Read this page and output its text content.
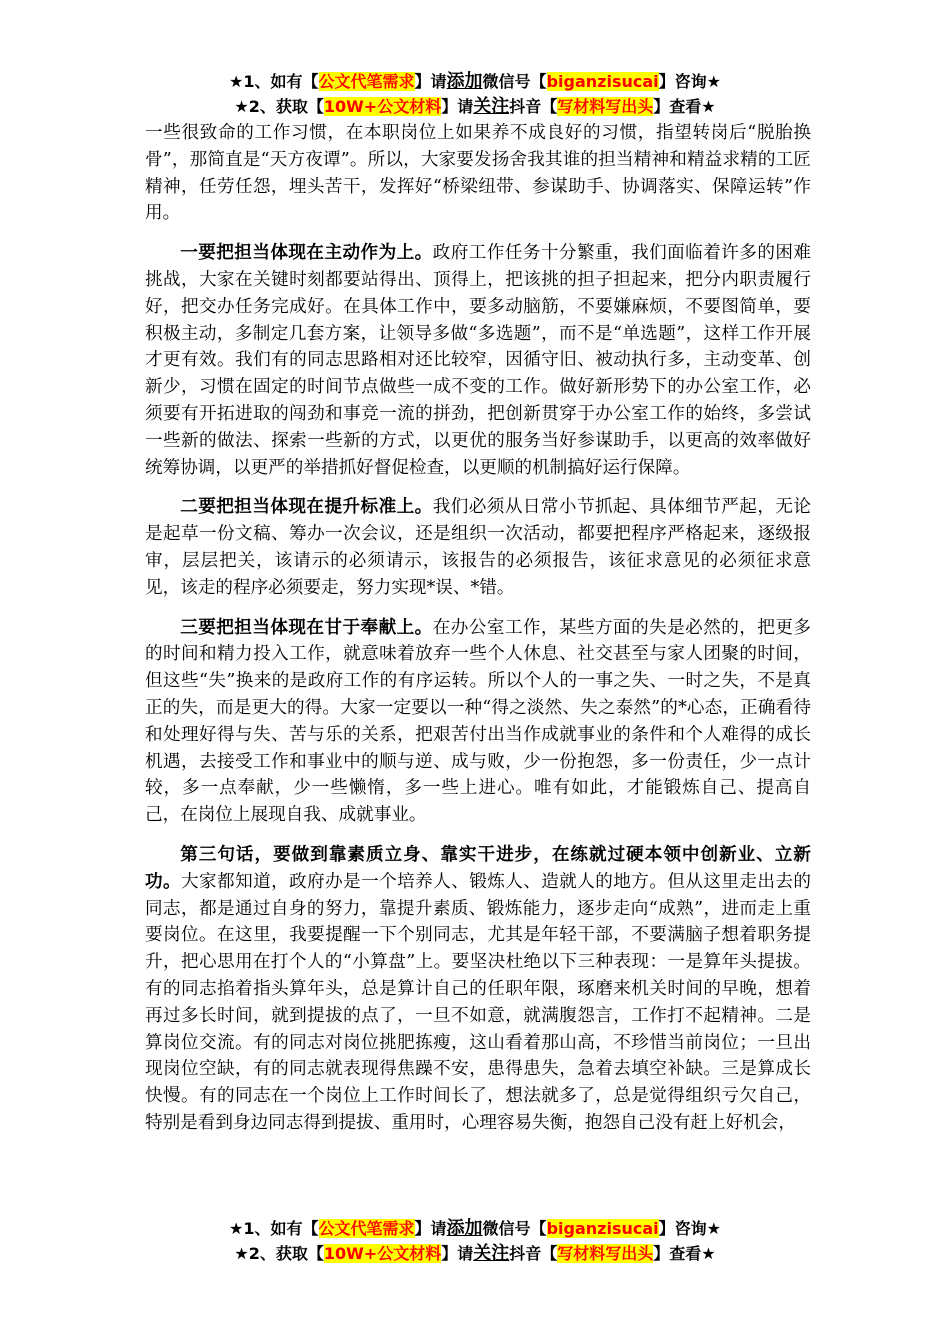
★1、如有【公文代笔需求】请添加微信号【biganzisucai】咨询★
★2、获取【10W+公文材料】请关注抖音【写材料写出头】查看★

一些很致命的工作习惯，在本职岗位上如果养不成良好的习惯，指望转岗后“脱胎换骨”，那简直是“天方夜谭”。所以，大家要发扬舍我其谁的担当精神和精益求精的工匠精神，任劳任怨，埋头苦干，发挥好“桥梁纽带、参谋助手、协调落实、保障运转”作用。

一要把担当体现在主动作为上。政府工作任务十分繁重，我们面临着许多的困难挑战，大家在关键时刻都要站得出、顶得上，把该挑的担子担起来，把分内职责履行好，把交办任务完成好。在具体工作中，要多动脑筋，不要嫌麻烦，不要图简单，要积极主动，多制定几套方案，让领导多做“多选题”，而不是“单选题”，这样工作开展才更有效。我们有的同志思路相对还比较窄，因循守旧、被动执行多，主动变革、创新少，习惯在固定的时间节点做些一成不变的工作。做好新形势下的办公室工作，必须要有开拓进取的闯劲和事竞一流的拼劲，把创新贯穿于办公室工作的始终，多尝试一些新的做法、探索一些新的方式，以更优的服务当好参谋助手，以更高的效率做好统筹协调，以更严的举措抓好督促检查，以更顺的机制搞好运行保障。

二要把担当体现在提升标准上。我们必须从日常小节抓起、具体细节严起，无论是起草一份文稿、筹办一次会议，还是组织一次活动，都要把程序严格起来，逐级报审，层层把关，该请示的必须请示，该报告的必须报告，该征求意见的必须征求意见，该走的程序必须要走，努力实现*误、*错。

三要把担当体现在甘于奉献上。在办公室工作，某些方面的失是必然的，把更多的时间和精力投入工作，就意味着放弃一些个人休息、社交甚至与家人团聚的时间，但这些“失”换来的是政府工作的有序运转。所以个人的一事之失、一时之失，不是真正的失，而是更大的得。大家一定要以一种“得之淡然、失之泰然”的*心态，正确看待和处理好得与失、苦与乐的关系，把艰苦付出当作成就事业的条件和个人难得的成长机遇，去接受工作和事业中的顺与逆、成与败，少一份抱怨，多一份责任，少一点计较，多一点奉献，少一些懒惰，多一些上进心。唯有如此，才能锻炼自己、提高自己，在岗位上展现自我、成就事业。

第三句话，要做到靠素质立身、靠实干进步，在练就过硬本领中创新业、立新功。大家都知道，政府办是一个培养人、锻炼人、造就人的地方。但从这里走出去的同志，都是通过自身的努力，靠提升素质、锻炼能力，逐步走向“成熟”，进而走上重要岗位。在这里，我要提醒一下个别同志，尤其是年轻干部，不要满脑子想着职务提升，把心思用在打个人的“小算盘”上。要坚决杜绝以下三种表现：一是算年头提拔。有的同志掐着指头算年头，总是算计自己的任职年限，琢磨来机关时间的早晚，想着再过多长时间，就到提拔的点了，一旦不如意，就满腹怨言，工作打不起精神。二是算岗位交流。有的同志对岗位挑肥拣瘦，这山看着那山高，不珍惜当前岗位；一旦出现岗位空缺，有的同志就表现得焦躁不安，患得患失，急着去填空补缺。三是算成长快慢。有的同志在一个岗位上工作时间长了，想法就多了，总是觉得组织亏欠自己，特别是看到身边同志得到提拔、重用时，心理容易失衡，抱怨自己没有赶上好机会，

★1、如有【公文代笔需求】请添加微信号【biganzisucai】咨询★
★2、获取【10W+公文材料】请关注抖音【写材料写出头】查看★
